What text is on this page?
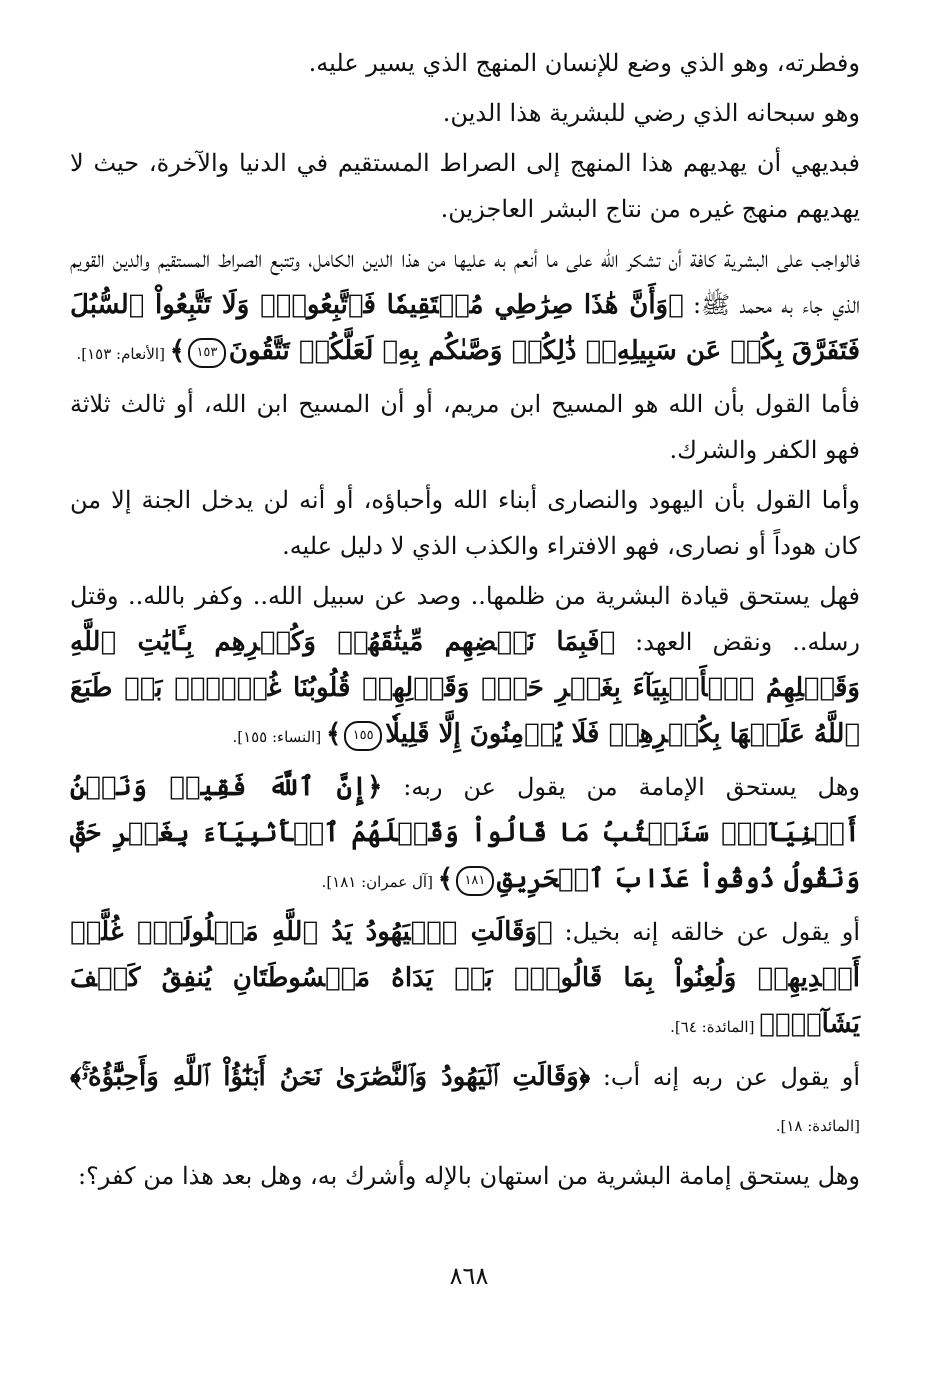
وفطرته، وهو الذي وضع للإنسان المنهج الذي يسير عليه.

وهو سبحانه الذي رضي للبشرية هذا الدين.

فبديهي أن يهديهم هذا المنهج إلى الصراط المستقيم في الدنيا والآخرة، حيث لا يهديهم منهج غيره من نتاج البشر العاجزين.

فالواجب على البشرية كافة أن تشكر الله على ما أنعم به عليها من هذا الدين الكامل، وتتبع الصراط المستقيم والدين القويم الذي جاء به محمد ﷺ: ﴿وَأَنَّ هَٰذَا صِرَٰطِي مُسۡتَقِيمٗا فَٱتَّبِعُوهُۖ وَلَا تَتَّبِعُواْ ٱلسُّبُلَ فَتَفَرَّقَ بِكُمۡ عَن سَبِيلِهِۦۚ ذَٰلِكُمۡ وَصَّىٰكُم بِهِۦ لَعَلَّكُمۡ تَتَّقُونَ١٥٣﴾ [الأنعام: ١٥٣].

فأما القول بأن الله هو المسيح ابن مريم، أو أن المسيح ابن الله، أو ثالث ثلاثة فهو الكفر والشرك.

وأما القول بأن اليهود والنصارى أبناء الله وأحباؤه، أو أنه لن يدخل الجنة إلا من كان هوداً أو نصارى، فهو الافتراء والكذب الذي لا دليل عليه.

فهل يستحق قيادة البشرية من ظلمها.. وصد عن سبيل الله.. وكفر بالله.. وقتل رسله.. ونقض العهد: ﴿فَبِمَا نَقۡضِهِم مِّيثَٰقَهُمۡ وَكُفۡرِهِم بِـَٔايَٰتِ ٱللَّهِ وَقَتۡلِهِمُ ٱلۡأَنۢبِيَآءَ بِغَيۡرِ حَقّٖ وَقَوۡلِهِمۡ قُلُوبُنَا غُلۡفُۢۚ بَلۡ طَبَعَ ٱللَّهُ عَلَيۡهَا بِكُفۡرِهِمۡ فَلَا يُؤۡمِنُونَ إِلَّا قَلِيلٗا١٥٥﴾ [النساء: ١٥٥].

وهل يستحق الإمامة من يقول عن ربه: ﴿إِنَّ ٱللَّهَ فَقِيرٞ وَنَحۡنُ أَغۡنِيَآءُۘ سَنَكۡتُبُ مَا قَالُواْ وَقَتۡلَهُمُ ٱلۡأَنۢبِيَآءَ بِغَيۡرِ حَقّٖ وَنَقُولُ ذُوقُواْ عَذَابَ ٱلۡحَرِيقِ١٨١﴾ [آل عمران: ١٨١].

أو يقول عن خالقه إنه بخيل: ﴿وَقَالَتِ ٱلۡيَهُودُ يَدُ ٱللَّهِ مَغۡلُولَةٌۚ غُلَّتۡ أَيۡدِيهِمۡ وَلُعِنُواْ بِمَا قَالُواْۘ بَلۡ يَدَاهُ مَبۡسُوطَتَانِ يُنفِقُ كَيۡفَ يَشَآءُۚ﴾ [المائدة: ٦٤].

أو يقول عن ربه إنه أب: ﴿وَقَالَتِ ٱلۡيَهُودُ وَٱلنَّصَٰرَىٰ نَحۡنُ أَبۡنَٰٓؤُاْ ٱللَّهِ وَأَحِبَّٰٓؤُهُۥۚ﴾ [المائدة: ١٨].

وهل يستحق إمامة البشرية من استهان بالإله وأشرك به، وهل بعد هذا من كفر؟:

٨٦٨
